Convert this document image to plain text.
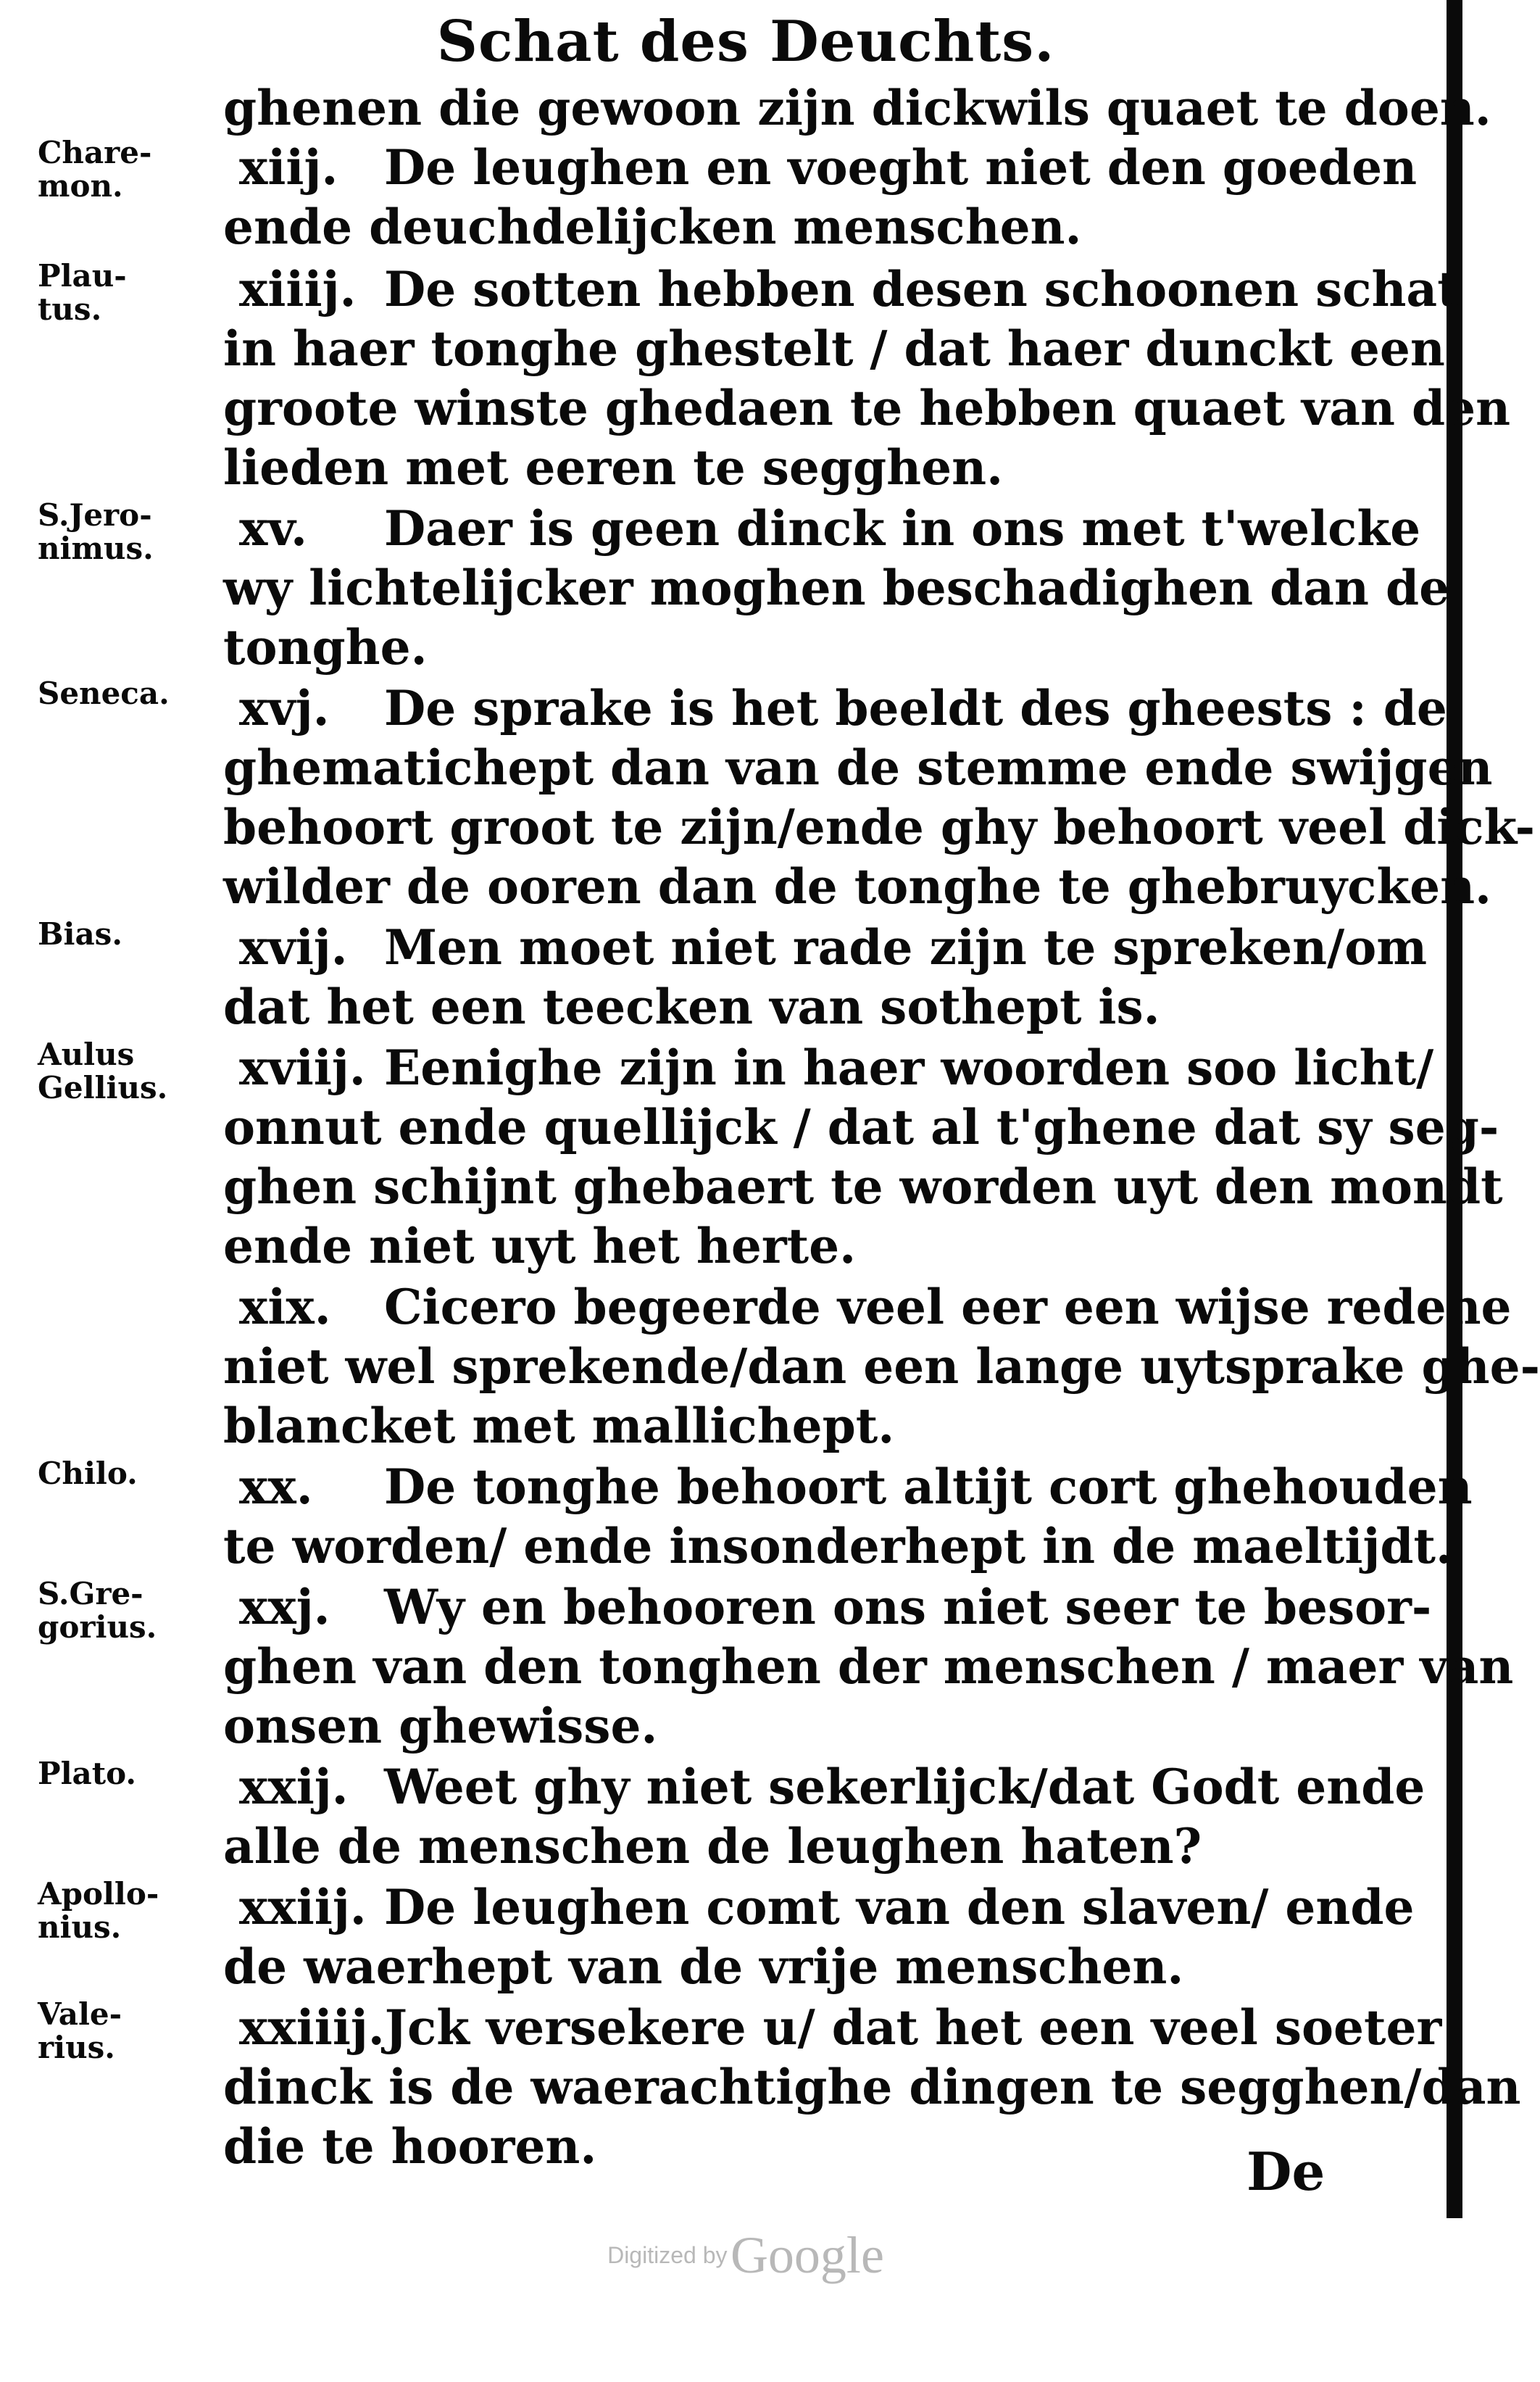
Schat des Deuchts.
ghenen die gewoon zijn dickwils quaet te doen.
xiij. De leughen en voeght niet den goeden
ende deuchdelijcken menschen.
xiiij. De sotten hebben desen schoonen schat
in haer tonghe ghestelt / dat haer dunckt een
groote winste ghedaen te hebben quaet van den
lieden met eeren te segghen.
xv. Daer is geen dinck in ons met t'welcke
wy lichtelijcker moghen beschadighen dan de
tonghe.
xvj. De sprake is het beeldt des gheests : de
ghematichept dan van de stemme ende swijgen
behoort groot te zijn/ende ghy behoort veel dick-
wilder de ooren dan de tonghe te ghebruycken.
xvij. Men moet niet rade zijn te spreken/om
dat het een teecken van sothept is.
xviij. Eenighe zijn in haer woorden soo licht/
onnut ende quellijck / dat al t'ghene dat sy seg-
ghen schijnt ghebaert te worden uyt den mondt
ende niet uyt het herte.
xix. Cicero begeerde veel eer een wijse redene
niet wel sprekende/dan een lange uytsprake ghe-
blancket met mallichept.
xx. De tonghe behoort altijt cort ghehouden
te worden/ ende insonderhept in de maeltijdt.
xxj. Wy en behooren ons niet seer te besor-
ghen van den tonghen der menschen / maer van
onsen ghewisse.
xxij. Weet ghy niet sekerlijck/dat Godt ende
alle de menschen de leughen haten?
xxiij. De leughen comt van den slaven/ ende
de waerhept van de vrije menschen.
xxiiij.Jck versekere u/ dat het een veel soeter
dinck is de waerachtighe dingen te segghen/dan
die te hooren.
Chare-
mon.
Plau-
tus.
S.Jero-
nimus.
Seneca.
Bias.
Aulus
Gellius.
Chilo.
S.Gre-
gorius.
Plato.
Apollo-
nius.
Vale-
rius.
De
Digitized by Google
